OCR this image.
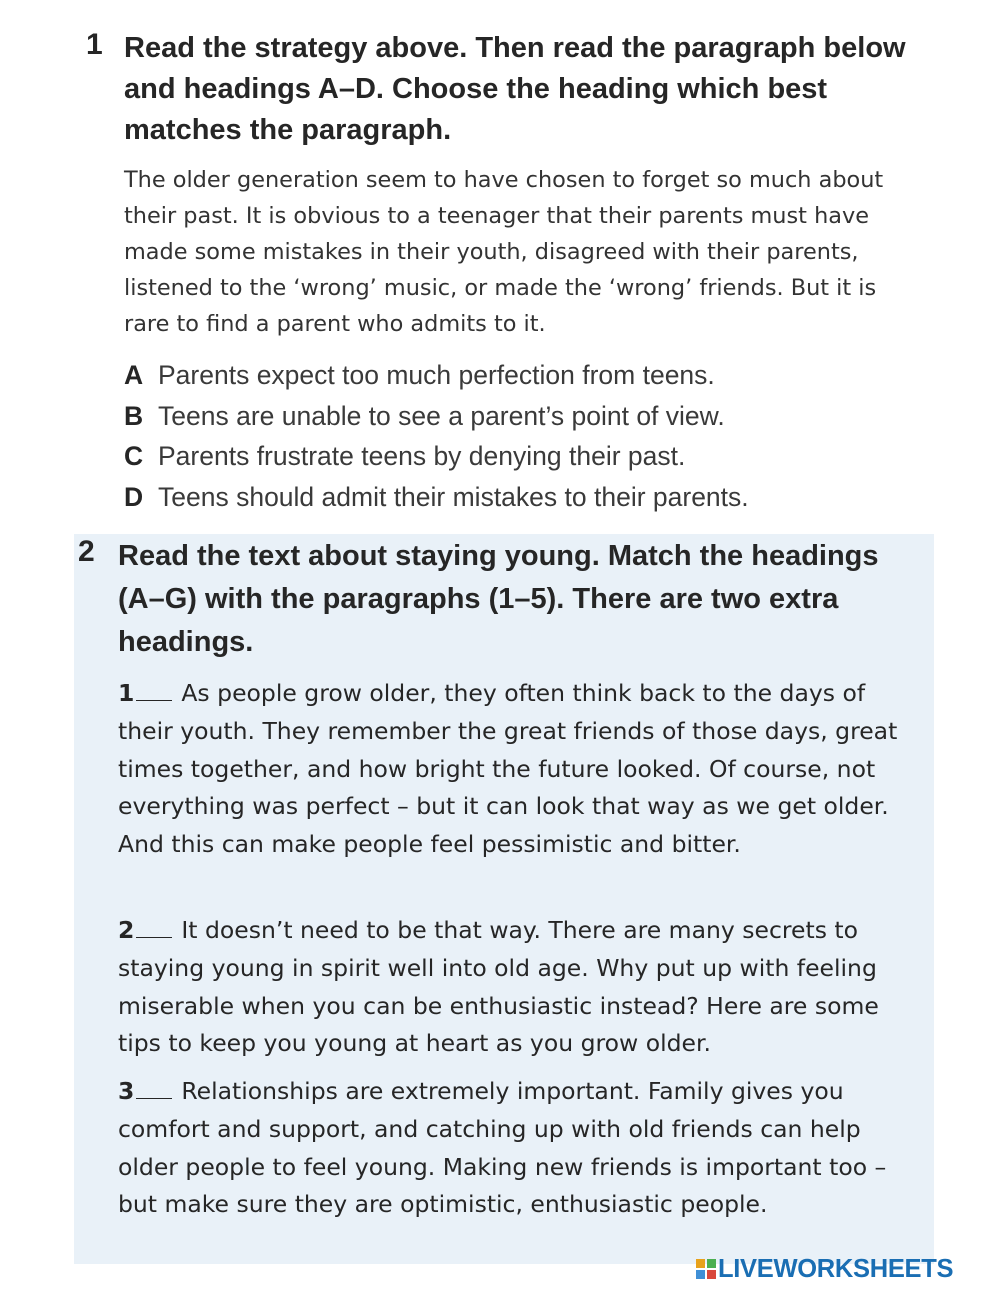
1 Read the strategy above. Then read the paragraph below and headings A–D. Choose the heading which best matches the paragraph.
The older generation seem to have chosen to forget so much about their past. It is obvious to a teenager that their parents must have made some mistakes in their youth, disagreed with their parents, listened to the ‘wrong’ music, or made the ‘wrong’ friends. But it is rare to find a parent who admits to it.
A Parents expect too much perfection from teens.
B Teens are unable to see a parent’s point of view.
C Parents frustrate teens by denying their past.
D Teens should admit their mistakes to their parents.
2 Read the text about staying young. Match the headings (A–G) with the paragraphs (1–5). There are two extra headings.

1 As people grow older, they often think back to the days of their youth. They remember the great friends of those days, great times together, and how bright the future looked. Of course, not everything was perfect – but it can look that way as we get older. And this can make people feel pessimistic and bitter.

2 It doesn’t need to be that way. There are many secrets to staying young in spirit well into old age. Why put up with feeling miserable when you can be enthusiastic instead? Here are some tips to keep you young at heart as you grow older.

3 Relationships are extremely important. Family gives you comfort and support, and catching up with old friends can help older people to feel young. Making new friends is important too – but make sure they are optimistic, enthusiastic people.

LIVEWORKSHEETS
